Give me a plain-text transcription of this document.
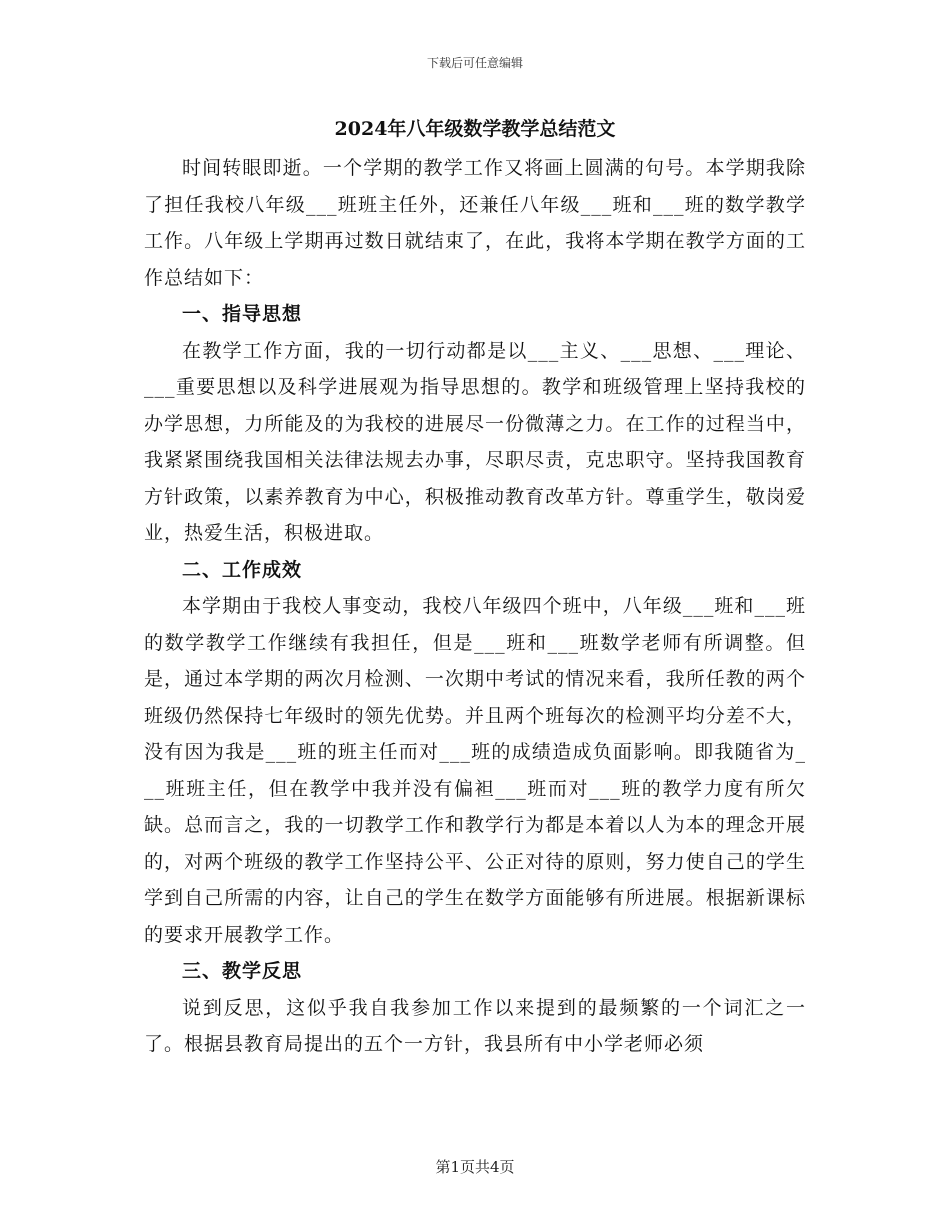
下载后可任意编辑
2024年八年级数学教学总结范文

时间转眼即逝。一个学期的教学工作又将画上圆满的句号。本学期我除了担任我校八年级___班班主任外，还兼任八年级___班和___班的数学教学工作。八年级上学期再过数日就结束了，在此，我将本学期在教学方面的工作总结如下：

一、指导思想

在教学工作方面，我的一切行动都是以___主义、___思想、___理论、___重要思想以及科学进展观为指导思想的。教学和班级管理上坚持我校的办学思想，力所能及的为我校的进展尽一份微薄之力。在工作的过程当中，我紧紧围绕我国相关法律法规去办事，尽职尽责，克忠职守。坚持我国教育方针政策，以素养教育为中心，积极推动教育改革方针。尊重学生，敬岗爱业，热爱生活，积极进取。

二、工作成效

本学期由于我校人事变动，我校八年级四个班中，八年级___班和___班的数学教学工作继续有我担任，但是___班和___班数学老师有所调整。但是，通过本学期的两次月检测、一次期中考试的情况来看，我所任教的两个班级仍然保持七年级时的领先优势。并且两个班每次的检测平均分差不大，没有因为我是___班的班主任而对___班的成绩造成负面影响。即我随省为___班班主任，但在教学中我并没有偏袒___班而对___班的教学力度有所欠缺。总而言之，我的一切教学工作和教学行为都是本着以人为本的理念开展的，对两个班级的教学工作坚持公平、公正对待的原则，努力使自己的学生学到自己所需的内容，让自己的学生在数学方面能够有所进展。根据新课标的要求开展教学工作。

三、教学反思

说到反思，这似乎我自我参加工作以来提到的最频繁的一个词汇之一了。根据县教育局提出的五个一方针，我县所有中小学老师必须

第1页共4页
